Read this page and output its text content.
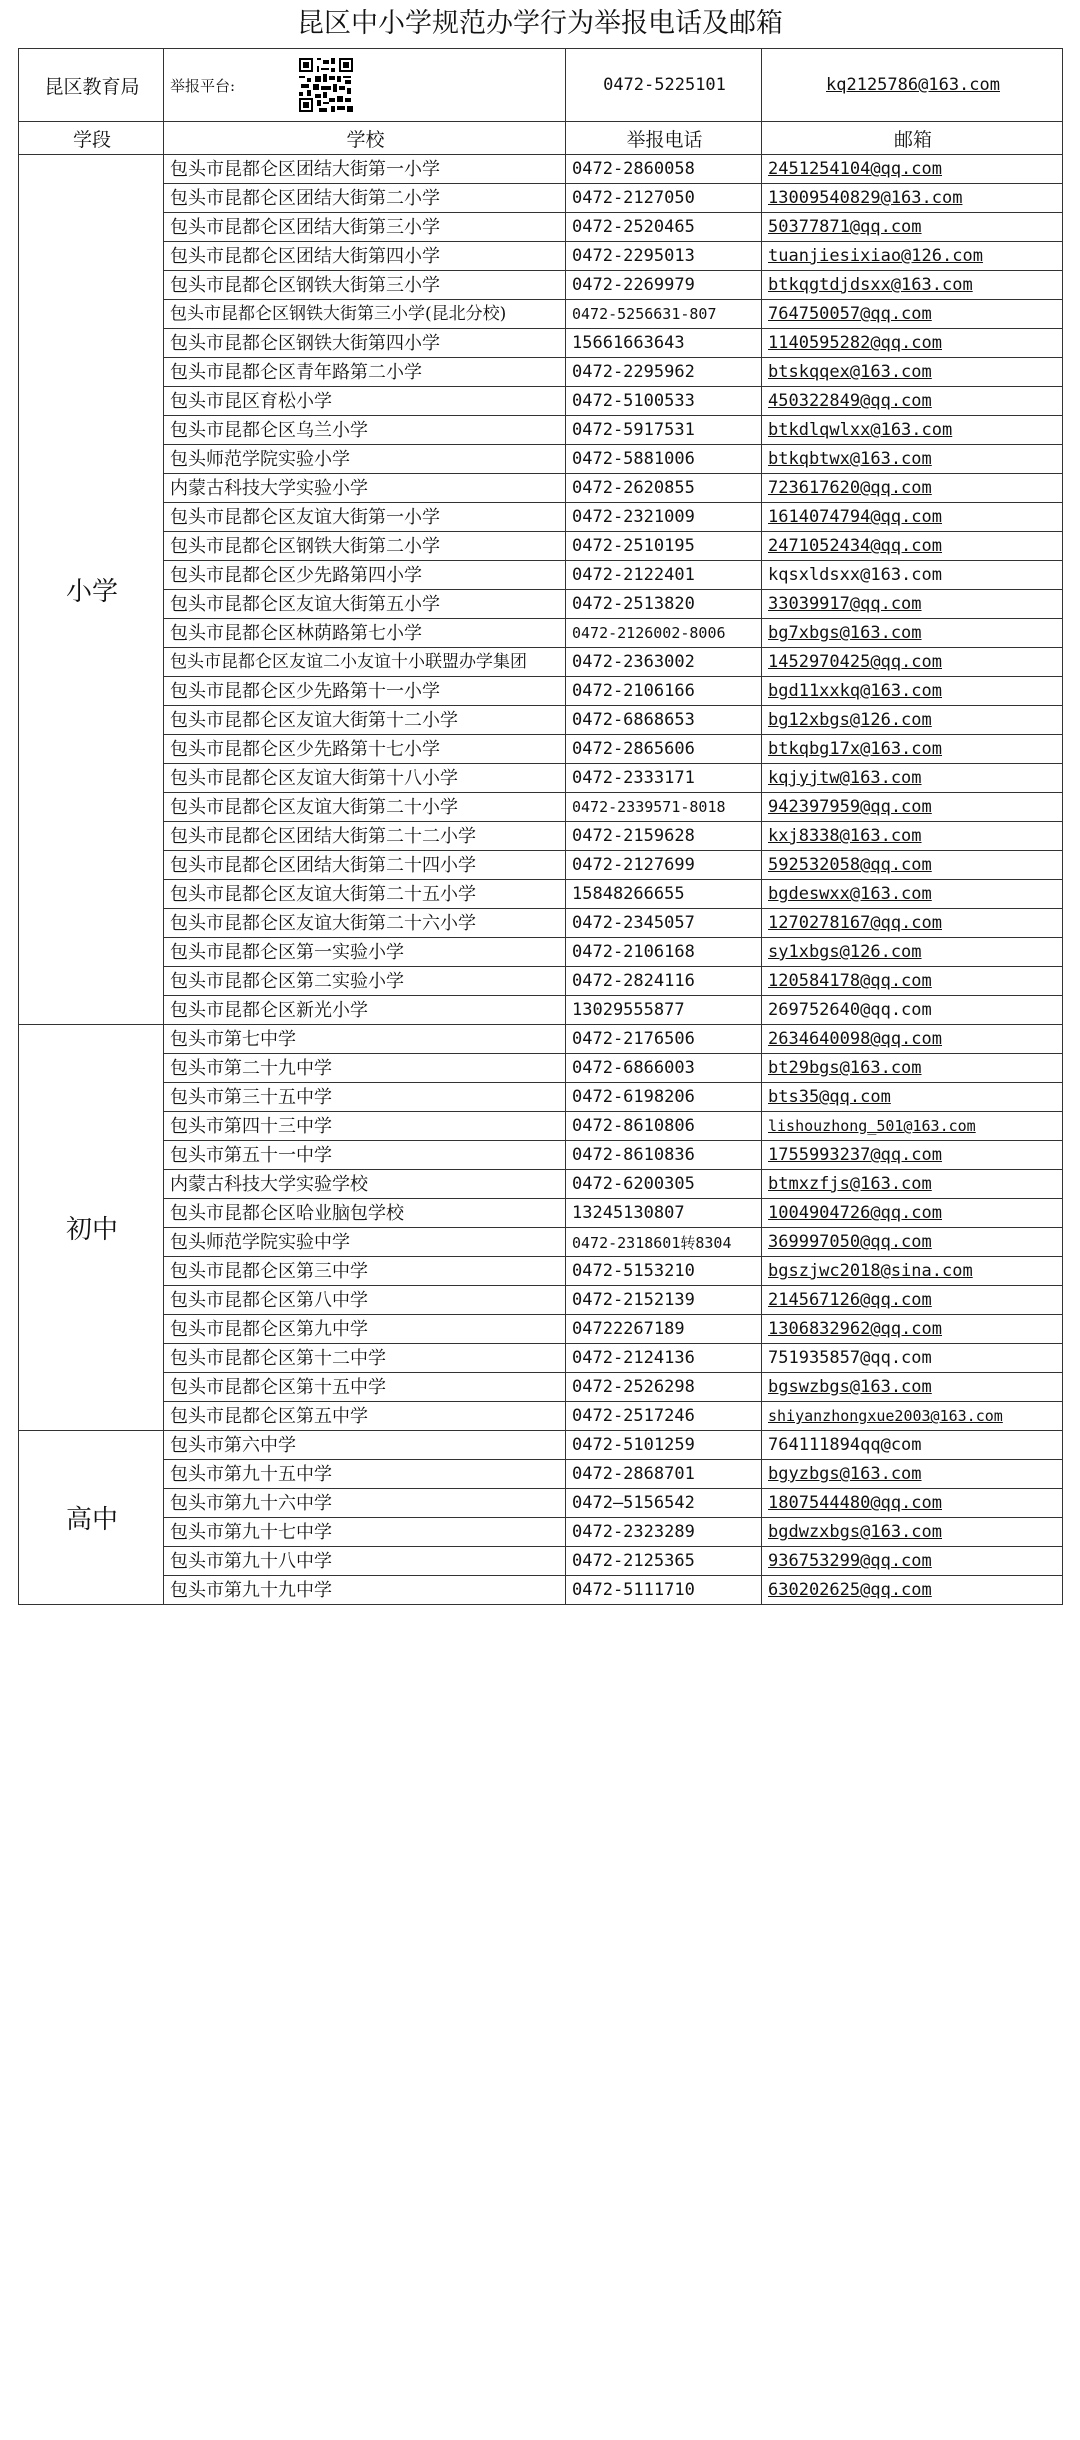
昆区中小学规范办学行为举报电话及邮箱
昆区教育局	举报平台:	0472-5225101	kq2125786@163.com
学段	学校	举报电话	邮箱
小学	包头市昆都仑区团结大街第一小学	0472-2860058	2451254104@qq.com
	包头市昆都仑区团结大街第二小学	0472-2127050	13009540829@163.com
	包头市昆都仑区团结大街第三小学	0472-2520465	50377871@qq.com
	包头市昆都仑区团结大街第四小学	0472-2295013	tuanjiesixiao@126.com
	包头市昆都仑区钢铁大街第三小学	0472-2269979	btkqgtdjdsxx@163.com
	包头市昆都仑区钢铁大街第三小学(昆北分校)	0472-5256631-807	764750057@qq.com
	包头市昆都仑区钢铁大街第四小学	15661663643	1140595282@qq.com
	包头市昆都仑区青年路第二小学	0472-2295962	btskqqex@163.com
	包头市昆区育松小学	0472-5100533	450322849@qq.com
	包头市昆都仑区乌兰小学	0472-5917531	btkdlqwlxx@163.com
	包头师范学院实验小学	0472-5881006	btkqbtwx@163.com
	内蒙古科技大学实验小学	0472-2620855	723617620@qq.com
	包头市昆都仑区友谊大街第一小学	0472-2321009	1614074794@qq.com
	包头市昆都仑区钢铁大街第二小学	0472-2510195	2471052434@qq.com
	包头市昆都仑区少先路第四小学	0472-2122401	kqsxldsxx@163.com
	包头市昆都仑区友谊大街第五小学	0472-2513820	33039917@qq.com
	包头市昆都仑区林荫路第七小学	0472-2126002-8006	bg7xbgs@163.com
	包头市昆都仑区友谊二小友谊十小联盟办学集团	0472-2363002	1452970425@qq.com
	包头市昆都仑区少先路第十一小学	0472-2106166	bgd11xxkq@163.com
	包头市昆都仑区友谊大街第十二小学	0472-6868653	bg12xbgs@126.com
	包头市昆都仑区少先路第十七小学	0472-2865606	btkqbg17x@163.com
	包头市昆都仑区友谊大街第十八小学	0472-2333171	kqjyjtw@163.com
	包头市昆都仑区友谊大街第二十小学	0472-2339571-8018	942397959@qq.com
	包头市昆都仑区团结大街第二十二小学	0472-2159628	kxj8338@163.com
	包头市昆都仑区团结大街第二十四小学	0472-2127699	592532058@qq.com
	包头市昆都仑区友谊大街第二十五小学	15848266655	bgdeswxx@163.com
	包头市昆都仑区友谊大街第二十六小学	0472-2345057	1270278167@qq.com
	包头市昆都仑区第一实验小学	0472-2106168	sy1xbgs@126.com
	包头市昆都仑区第二实验小学	0472-2824116	120584178@qq.com
	包头市昆都仑区新光小学	13029555877	269752640@qq.com
初中	包头市第七中学	0472-2176506	2634640098@qq.com
	包头市第二十九中学	0472-6866003	bt29bgs@163.com
	包头市第三十五中学	0472-6198206	bts35@qq.com
	包头市第四十三中学	0472-8610806	lishouzhong_501@163.com
	包头市第五十一中学	0472-8610836	1755993237@qq.com
	内蒙古科技大学实验学校	0472-6200305	btmxzfjs@163.com
	包头市昆都仑区哈业脑包学校	13245130807	1004904726@qq.com
	包头师范学院实验中学	0472-2318601转8304	369997050@qq.com
	包头市昆都仑区第三中学	0472-5153210	bgszjwc2018@sina.com
	包头市昆都仑区第八中学	0472-2152139	214567126@qq.com
	包头市昆都仑区第九中学	04722267189	1306832962@qq.com
	包头市昆都仑区第十二中学	0472-2124136	751935857@qq.com
	包头市昆都仑区第十五中学	0472-2526298	bgswzbgs@163.com
	包头市昆都仑区第五中学	0472-2517246	shiyanzhongxue2003@163.com
高中	包头市第六中学	0472-5101259	764111894qq@com
	包头市第九十五中学	0472-2868701	bgyzbgs@163.com
	包头市第九十六中学	0472—5156542	1807544480@qq.com
	包头市第九十七中学	0472-2323289	bgdwzxbgs@163.com
	包头市第九十八中学	0472-2125365	936753299@qq.com
	包头市第九十九中学	0472-5111710	630202625@qq.com
